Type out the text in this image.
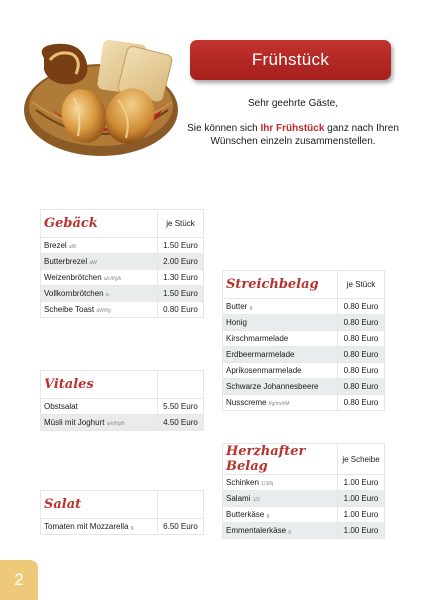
Frühstück
Sehr geehrte Gäste,
Sie können sich Ihr Frühstück ganz nach Ihren Wünschen einzeln zusammenstellen.
Gebäck	je Stück
Brezel aW	1.50 Euro
Butterbrezel aW	2.00 Euro
Weizenbrötchen a/c/f/g/k	1.30 Euro
Vollkornbrötchen a	1.50 Euro
Scheibe Toast aW/f/g	0.80 Euro
Vitales	
Obstsalat	5.50 Euro
Müsli mit Joghurt a/e/f/g/h	4.50 Euro
Salat	
Tomaten mit Mozzarella g	6.50 Euro
Streichbelag	je Stück
Butter g	0.80 Euro
Honig	0.80 Euro
Kirschmarmelade	0.80 Euro
Erdbeermarmelade	0.80 Euro
Aprikosenmarmelade	0.80 Euro
Schwarze Johannesbeere	0.80 Euro
Nusscreme f/g/nn/nM	0.80 Euro
Herzhafter Belag	je Scheibe
Schinken 1/3/l/j	1.00 Euro
Salami 1/3	1.00 Euro
Butterkäse g	1.00 Euro
Emmentalerkäse g	1.00 Euro
2
